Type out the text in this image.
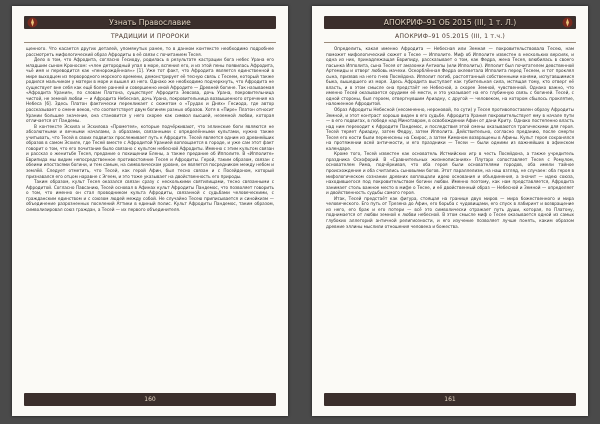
Узнать Православие
ТРАДИЦИИ И ПРОРОКИ

щенного. Что касается других деталей, упомянутых ранее, то в данном контексте необходимо подробнее рассмотреть мифологический образ Афродиты в её связи с почитанием Тесея.

Дело в том, что Афродита, согласно Гесиоду, родилась в результате кастрации бога небес Урана его младшим сыном Кроносом: «член детородный упал в море, вспенил его, и из этой пены появилась Афродита, чьё имя и переводится как «пенорождённая»» [1]. Уже тот факт, что Афродита является единственной в мире выходцем из первородного морского времени, демонстрирует её тесную связь с Тесеем, который также родился мальчиком у матери в море и вышел из него. Однако же необходимо подчеркнуть, что Афродита не существует вне себя как ещё более ранней и совершенно иной Афродите — Древней богине. Так называемая «Афродита Урания», по словам Платона, существует Афродита Зевсова, дочь Урана, покровительница чистой, не земной любви — и Афродита Небесная, дочь Урана, покровительница возвышенного отречения на Небеса [6]. Здесь Платон фактически перекликает с сюжетом о «Трудах и Днях» Гесиода, где автор рассказывает о смене веков, что соответствует двум богиням разных образов. Хотя в «Пире» Платон относит Урании большее значение, она становится у него скорее как символ высшей, неземной любви, которая отличается от Пандемы.

В контексте Эсхила и Эсхилова «Прометея», которые подчёркивают, что эллинские боги являются не абсолютными и вечными началами, а образами, связанными с определёнными культами, нужно также учитывать, что Тесей в своих подвигах прослеживает путь к Афродите. Тесей является одним из древнейших образов в самом Эсхиле, где Тесей вместе с Афродитой Уранией воплощается в городе, и уже сам этот факт говорит о том, что его почитание было связано с культом небесной Афродиты. Именно с этим культом связан и рассказ о женитьбе Тесея, предание о похищении Елены, а также предание об Ипполите. В «Ипполите» Еврипида мы видим непосредственное противостояние Тесея и Афродиты. Герой, таким образом, связан с обеими ипостасями богини, и тем самым, на символическом уровне, он является посредником между небом и землёй. Следует отметить, что Тесей, как герой Афин, был тесно связан и с Посейдоном, который признавался его отцом наравне с Эгеем, и это тоже указывает на двойственность его природы.

Таким образом, культ Тесея оказался связан сразу с несколькими святилищами, тесно связанными с Афродитой. Согласно Павсанию, Тесей основал в Афинах культ Афродиты Пандемос, что позволяет говорить о том, что именно он стал проводником культа Афродиты, связанной с судьбами человеческими, с гражданским единством и с союзом людей между собой. Не случайно Тесею приписывается и синойкизм — объединение разрозненных поселений Аттики в единый полис. Культ Афродиты Пандемос, таким образом, символизировал союз граждан, а Тесей — их первого объединителя.

160
АПОКРИФ–91 ОБ 2015 (III, 1 т. Л.)
АПОКРИФ–91 05.2015 (III, 1 т.ч.)

Определить, какая именно Афродита — Небесная или Земная — покровительствовала Тесею, нам поможет мифологический сюжет о Тесее — Ипполите. Миф об Ипполите известен в нескольких версиях, и одна из них, принадлежащая Еврипиду, рассказывает о том, как Федра, жена Тесея, влюбилась в своего пасынка Ипполита, сына Тесея от амазонки Антиопы (или Ипполиты). Ипполит был почитателем девственной Артемиды и отверг любовь мачехи. Оскорблённая Федра оклеветала Ипполита перед Тесеем, и тот проклял сына, призвав на него гнев Посейдона. Ипполит погиб, растоптанный собственными конями, испугавшимися быка, вышедшего из моря. Здесь Афродита выступает как губительная сила, мстящая тому, кто отверг её власть, и в этом смысле она предстаёт не Небесной, а скорее Земной, чувственной. Однако важно, что именно Тесей оказывается орудием её мести, и это указывает на его глубинную связь с богиней. Тесей, с одной стороны, был героем, отвергнувшим Ариадну, с другой — человеком, на котором сбылось проклятие, наложенное Афродитой.

Образ Афродиты Небесной (несомненно, нероновой, по сути) у Тесея противопоставлен образу Афродиты Земной, и этот контраст хорошо виден в его судьбе. Афродита Урания покровительствует ему в начале пути — в его подвигах, в победе над Минотавром, в освобождении Афин от дани Криту. Однако постепенно власть над ним переходит к Афродите Пандемос, и последствия этой смены оказываются трагическими для героя. Тесей теряет Ариадну, затем Федру, затем Ипполита. Действительно, согласно преданию, после смерти Тесея его кости были перенесены на Скирос, а затем Кимоном возвращены в Афины. Культ героя сохранялся на протяжении всей античности, и его праздники — Тесеи — были одними из важнейших в афинском календаре.

Кроме того, Тесей известен как основатель Истмийских игр в честь Посейдона, а также учредитель праздника Осхофорий. В «Сравнительных жизнеописаниях» Плутарх сопоставляет Тесея с Ромулом, основателем Рима, подчёркивая, что оба героя были основателями городов, оба имели тайное происхождение и оба считались сыновьями богов. Этот параллелизм, на наш взгляд, не случаен: оба героя в мифологическом сознании древних воплощали идею основания и объединения, а значит — идею союза, находившегося под покровительством богини любви. Именно поэтому, как нам представляется, Афродита занимает столь важное место в мифе о Тесее, и её двойственный образ — Небесной и Земной — определяет и двойственность судьбы самого героя.

Итак, Тесей предстаёт как фигура, стоящая на границе двух миров — мира божественного и мира человеческого. Его путь от Трезена до Афин, его борьба с чудовищами, его спуск в лабиринт и возвращение из него, его брак и его потери — всё это символически отражает путь души, которая, по Платону, поднимается от любви земной к любви небесной. В этом смысле миф о Тесее оказывается одной из самых глубоких аллегорий античной религиозности, и его изучение позволяет лучше понять, каким образом древние эллины мыслили отношения человека и божества.

161
